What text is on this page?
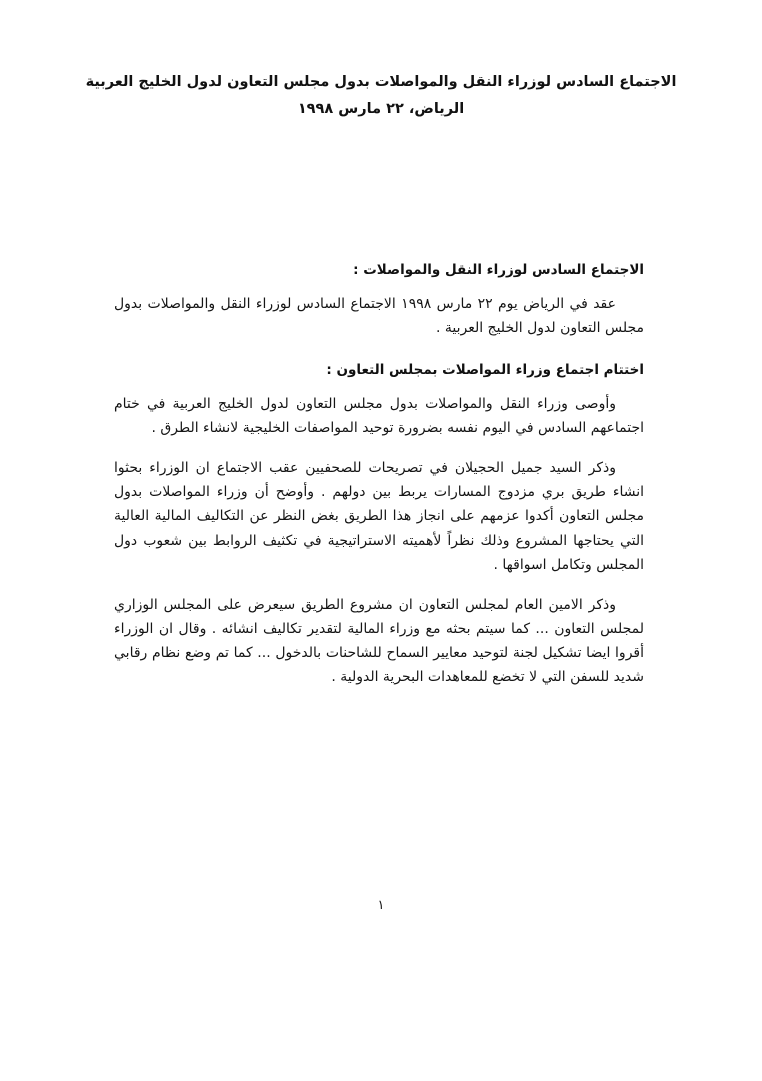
الاجتماع السادس لوزراء النقل والمواصلات بدول مجلس التعاون لدول الخليج العربية
الرياض، ٢٢ مارس ١٩٩٨
الاجتماع السادس لوزراء النقل والمواصلات :

عقد في الرياض يوم ٢٢ مارس ١٩٩٨ الاجتماع السادس لوزراء النقل والمواصلات بدول مجلس التعاون لدول الخليج العربية .

اختتام اجتماع وزراء المواصلات بمجلس التعاون :

وأوصى وزراء النقل والمواصلات بدول مجلس التعاون لدول الخليج العربية في ختام اجتماعهم السادس في اليوم نفسه بضرورة توحيد المواصفات الخليجية لانشاء الطرق .

وذكر السيد جميل الحجيلان في تصريحات للصحفيين عقب الاجتماع ان الوزراء بحثوا انشاء طريق بري مزدوج المسارات يربط بين دولهم . وأوضح أن وزراء المواصلات بدول مجلس التعاون أكدوا عزمهم على انجاز هذا الطريق بغض النظر عن التكاليف المالية العالية التي يحتاجها المشروع وذلك نظراً لأهميته الاستراتيجية في تكثيف الروابط بين شعوب دول المجلس وتكامل اسواقها .

وذكر الامين العام لمجلس التعاون ان مشروع الطريق سيعرض على المجلس الوزاري لمجلس التعاون ... كما سيتم بحثه مع وزراء المالية لتقدير تكاليف انشائه . وقال ان الوزراء أقروا ايضا تشكيل لجنة لتوحيد معايير السماح للشاحنات بالدخول ... كما تم وضع نظام رقابي شديد للسفن التي لا تخضع للمعاهدات البحرية الدولية .

١
